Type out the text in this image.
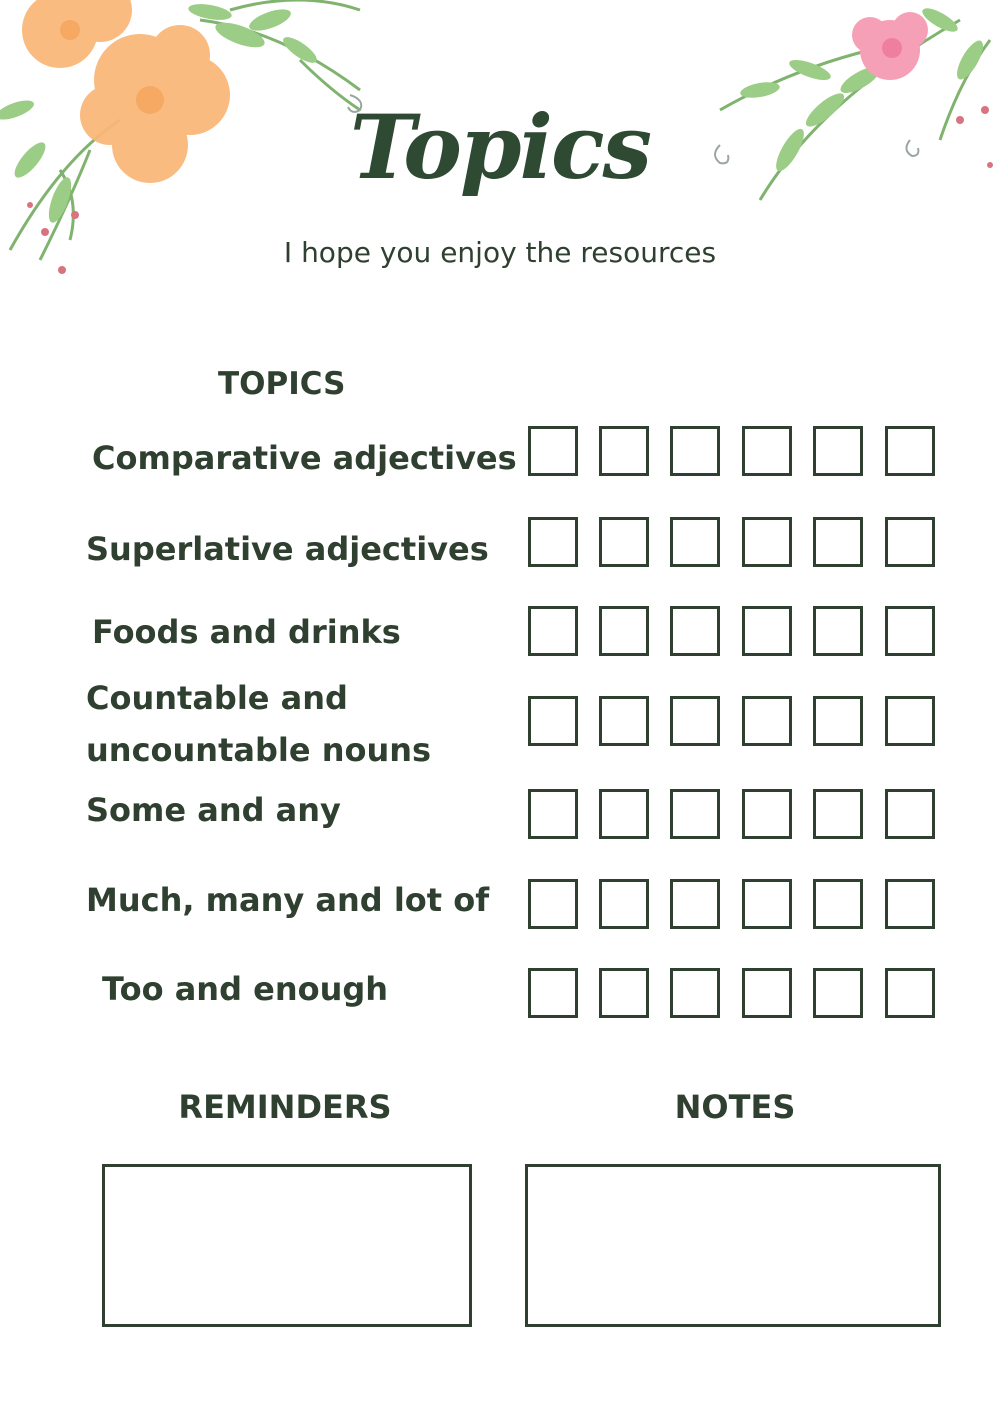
Topics
I hope you enjoy the resources
TOPICS
Comparative adjectives
Superlative adjectives
Foods and drinks
Countable and uncountable nouns
Some and any
Much, many and lot of
Too and enough
REMINDERS	NOTES
